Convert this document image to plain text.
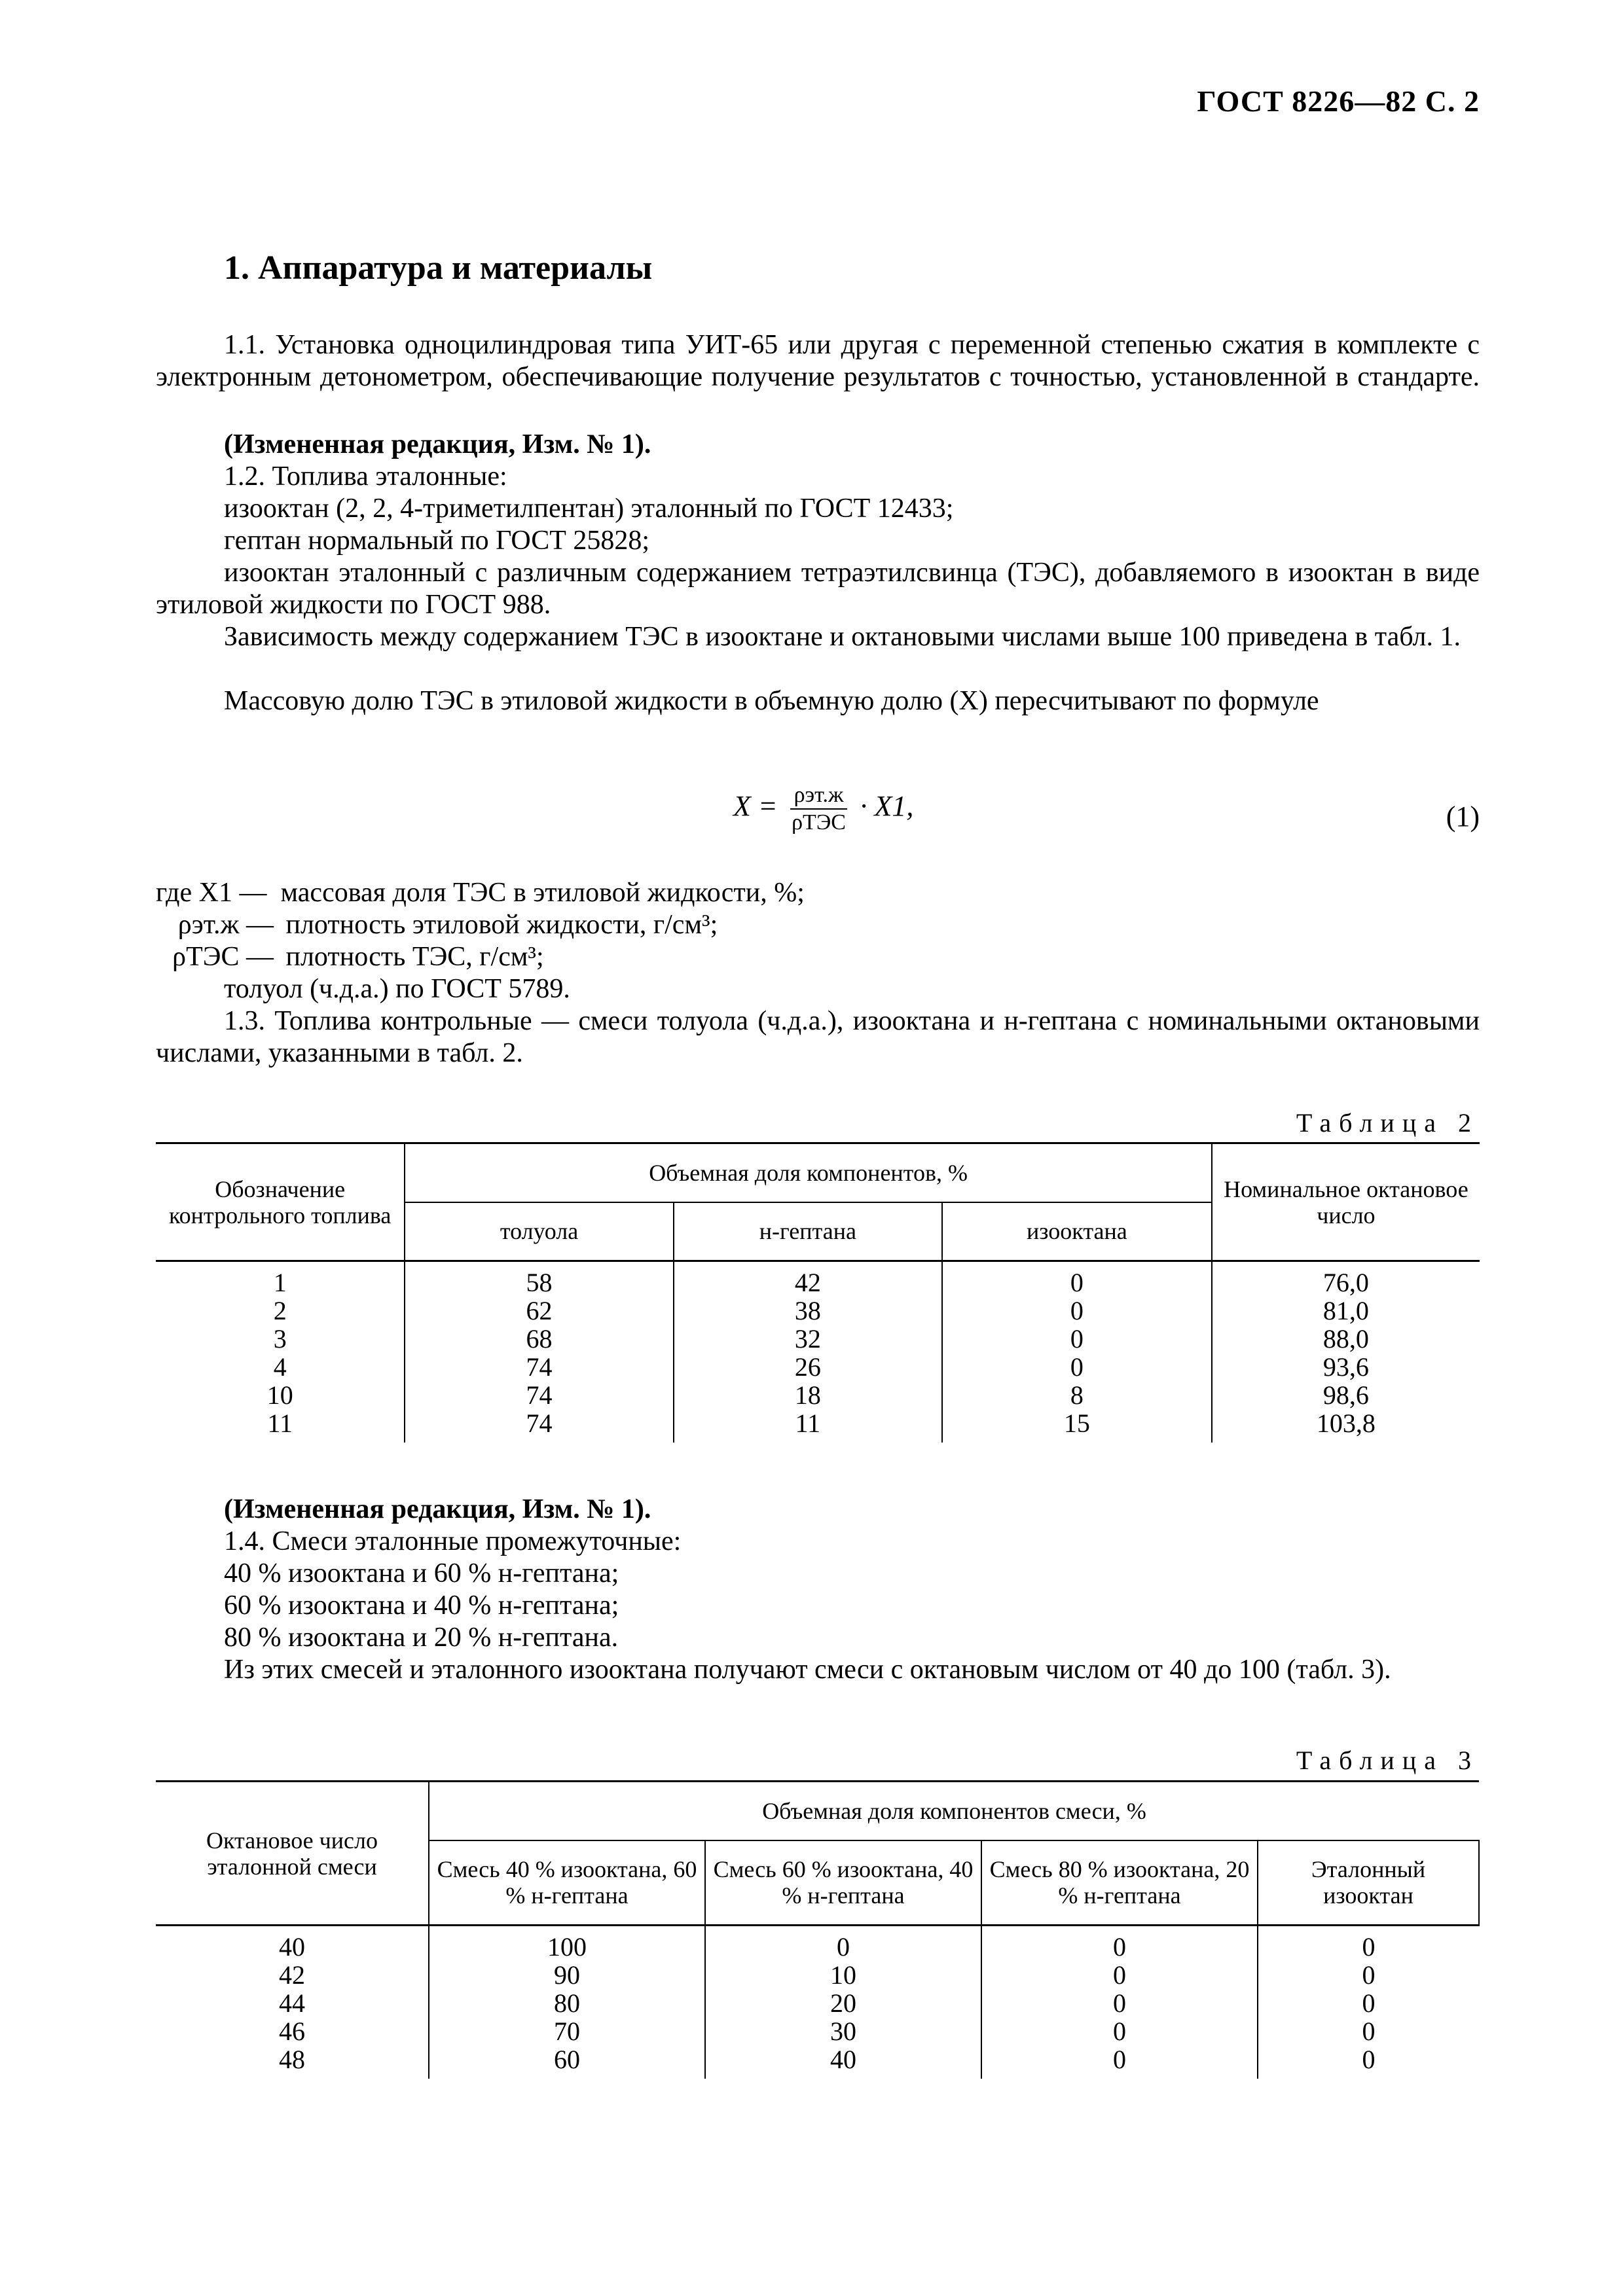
ГОСТ 8226—82 С. 2
1. Аппаратура и материалы
1.1. Установка одноцилиндровая типа УИТ-65 или другая с переменной степенью сжатия в комплекте с электронным детонометром, обеспечивающие получение результатов с точностью, установленной в стандарте.
(Измененная редакция, Изм. № 1).
1.2. Топлива эталонные:
изооктан (2, 2, 4-триметилпентан) эталонный по ГОСТ 12433;
гептан нормальный по ГОСТ 25828;
изооктан эталонный с различным содержанием тетраэтилсвинца (ТЭС), добавляемого в изооктан в виде этиловой жидкости по ГОСТ 988.
Зависимость между содержанием ТЭС в изооктане и октановыми числами выше 100 приведена в табл. 1.
Массовую долю ТЭС в этиловой жидкости в объемную долю (X) пересчитывают по формуле
$X = \frac{\text{ρэт.ж}}{\text{ρТЭС}} \cdot X1$,	(1)
где X1 — массовая доля ТЭС в этиловой жидкости, %;
ρэт.ж — плотность этиловой жидкости, г/см³;
ρТЭС — плотность ТЭС, г/см³;
толуол (ч.д.а.) по ГОСТ 5789.
1.3. Топлива контрольные — смеси толуола (ч.д.а.), изооктана и н-гептана с номинальными октановыми числами, указанными в табл. 2.
Таблица 2
Обозначение контрольного топлива	Объемная доля компонентов, %			Номинальное октановое число
	толуола	н-гептана	изооктана	
1	58	42	0	76,0
2	62	38	0	81,0
3	68	32	0	88,0
4	74	26	0	93,6
10	74	18	8	98,6
11	74	11	15	103,8
(Измененная редакция, Изм. № 1).
1.4. Смеси эталонные промежуточные:
40 % изооктана и 60 % н-гептана;
60 % изооктана и 40 % н-гептана;
80 % изооктана и 20 % н-гептана.
Из этих смесей и эталонного изооктана получают смеси с октановым числом от 40 до 100 (табл. 3).
Таблица 3
Октановое число эталонной смеси	Объемная доля компонентов смеси, %			
	Смесь 40 % изооктана, 60 % н-гептана	Смесь 60 % изооктана, 40 % н-гептана	Смесь 80 % изооктана, 20 % н-гептана	Эталонный изооктан
40	100	0	0	0
42	90	10	0	0
44	80	20	0	0
46	70	30	0	0
48	60	40	0	0
